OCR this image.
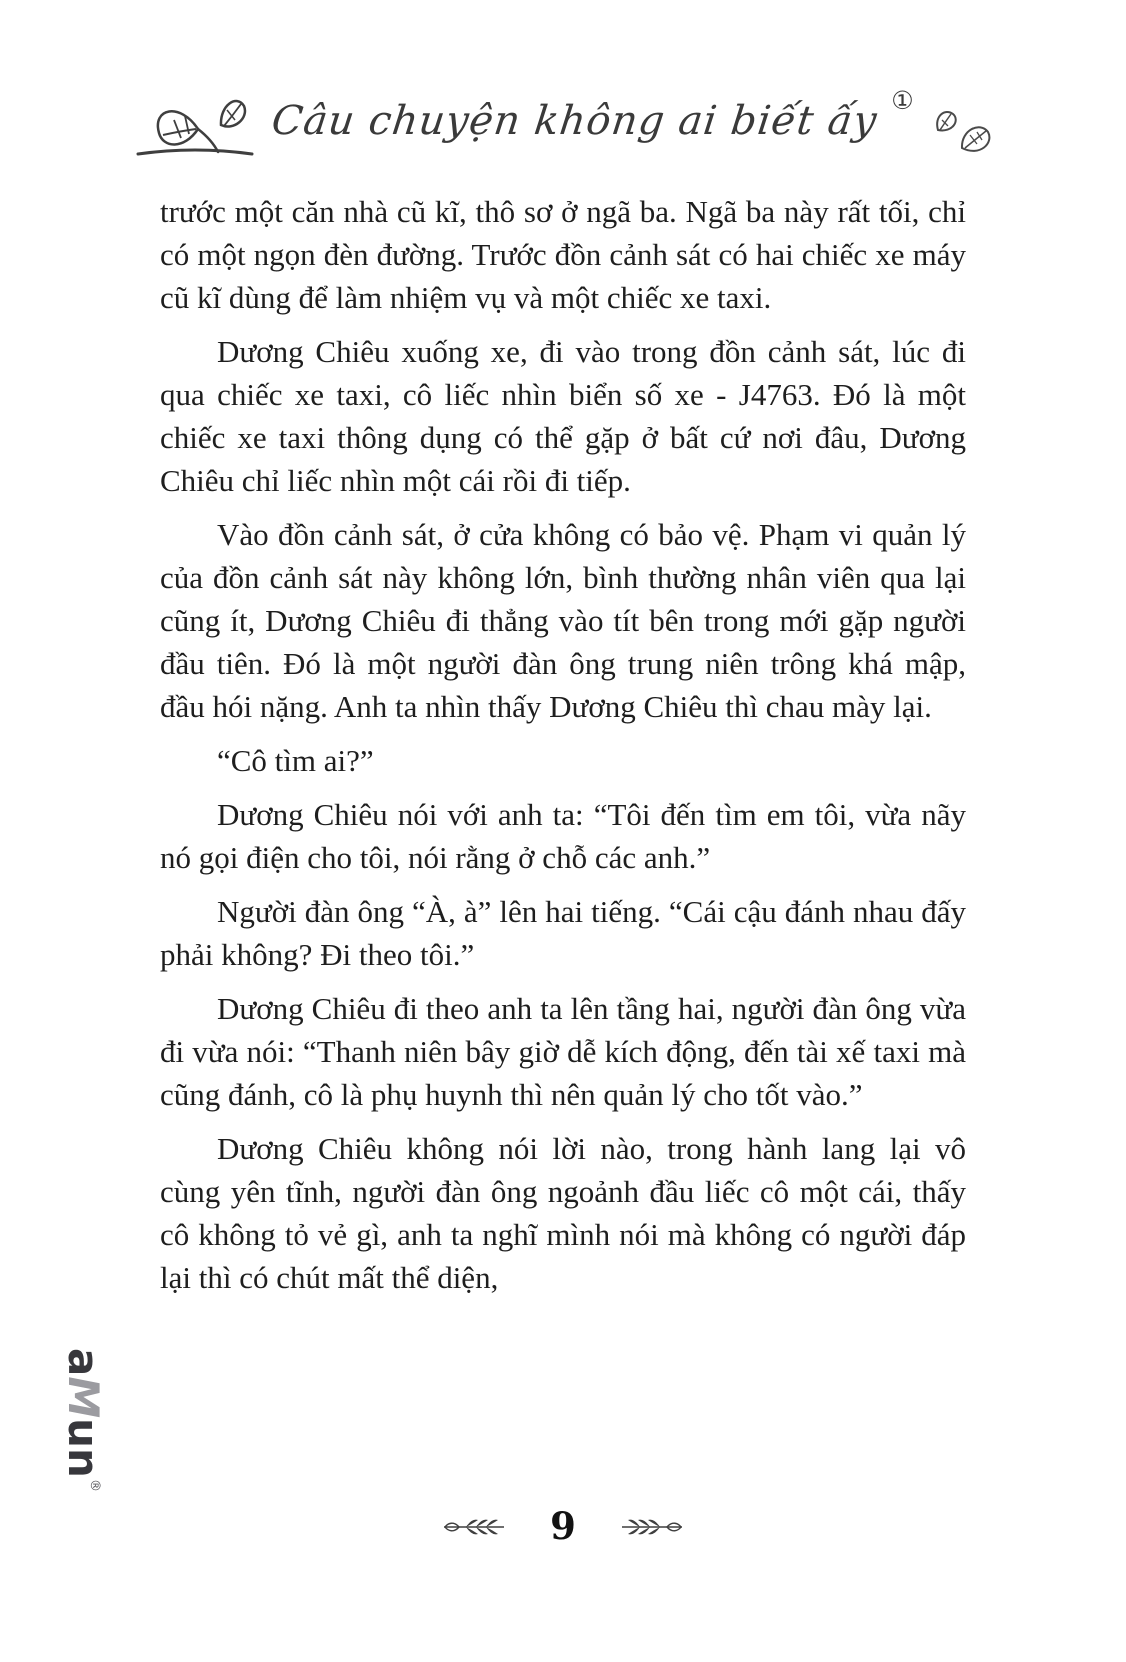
Câu chuyện không ai biết ấy ①

trước một căn nhà cũ kĩ, thô sơ ở ngã ba. Ngã ba này rất tối, chỉ có một ngọn đèn đường. Trước đồn cảnh sát có hai chiếc xe máy cũ kĩ dùng để làm nhiệm vụ và một chiếc xe taxi.

Dương Chiêu xuống xe, đi vào trong đồn cảnh sát, lúc đi qua chiếc xe taxi, cô liếc nhìn biển số xe - J4763. Đó là một chiếc xe taxi thông dụng có thể gặp ở bất cứ nơi đâu, Dương Chiêu chỉ liếc nhìn một cái rồi đi tiếp.

Vào đồn cảnh sát, ở cửa không có bảo vệ. Phạm vi quản lý của đồn cảnh sát này không lớn, bình thường nhân viên qua lại cũng ít, Dương Chiêu đi thẳng vào tít bên trong mới gặp người đầu tiên. Đó là một người đàn ông trung niên trông khá mập, đầu hói nặng. Anh ta nhìn thấy Dương Chiêu thì chau mày lại.

“Cô tìm ai?”

Dương Chiêu nói với anh ta: “Tôi đến tìm em tôi, vừa nãy nó gọi điện cho tôi, nói rằng ở chỗ các anh.”

Người đàn ông “À, à” lên hai tiếng. “Cái cậu đánh nhau đấy phải không? Đi theo tôi.”

Dương Chiêu đi theo anh ta lên tầng hai, người đàn ông vừa đi vừa nói: “Thanh niên bây giờ dễ kích động, đến tài xế taxi mà cũng đánh, cô là phụ huynh thì nên quản lý cho tốt vào.”

Dương Chiêu không nói lời nào, trong hành lang lại vô cùng yên tĩnh, người đàn ông ngoảnh đầu liếc cô một cái, thấy cô không tỏ vẻ gì, anh ta nghĩ mình nói mà không có người đáp lại thì có chút mất thể diện,

aMun®
9
